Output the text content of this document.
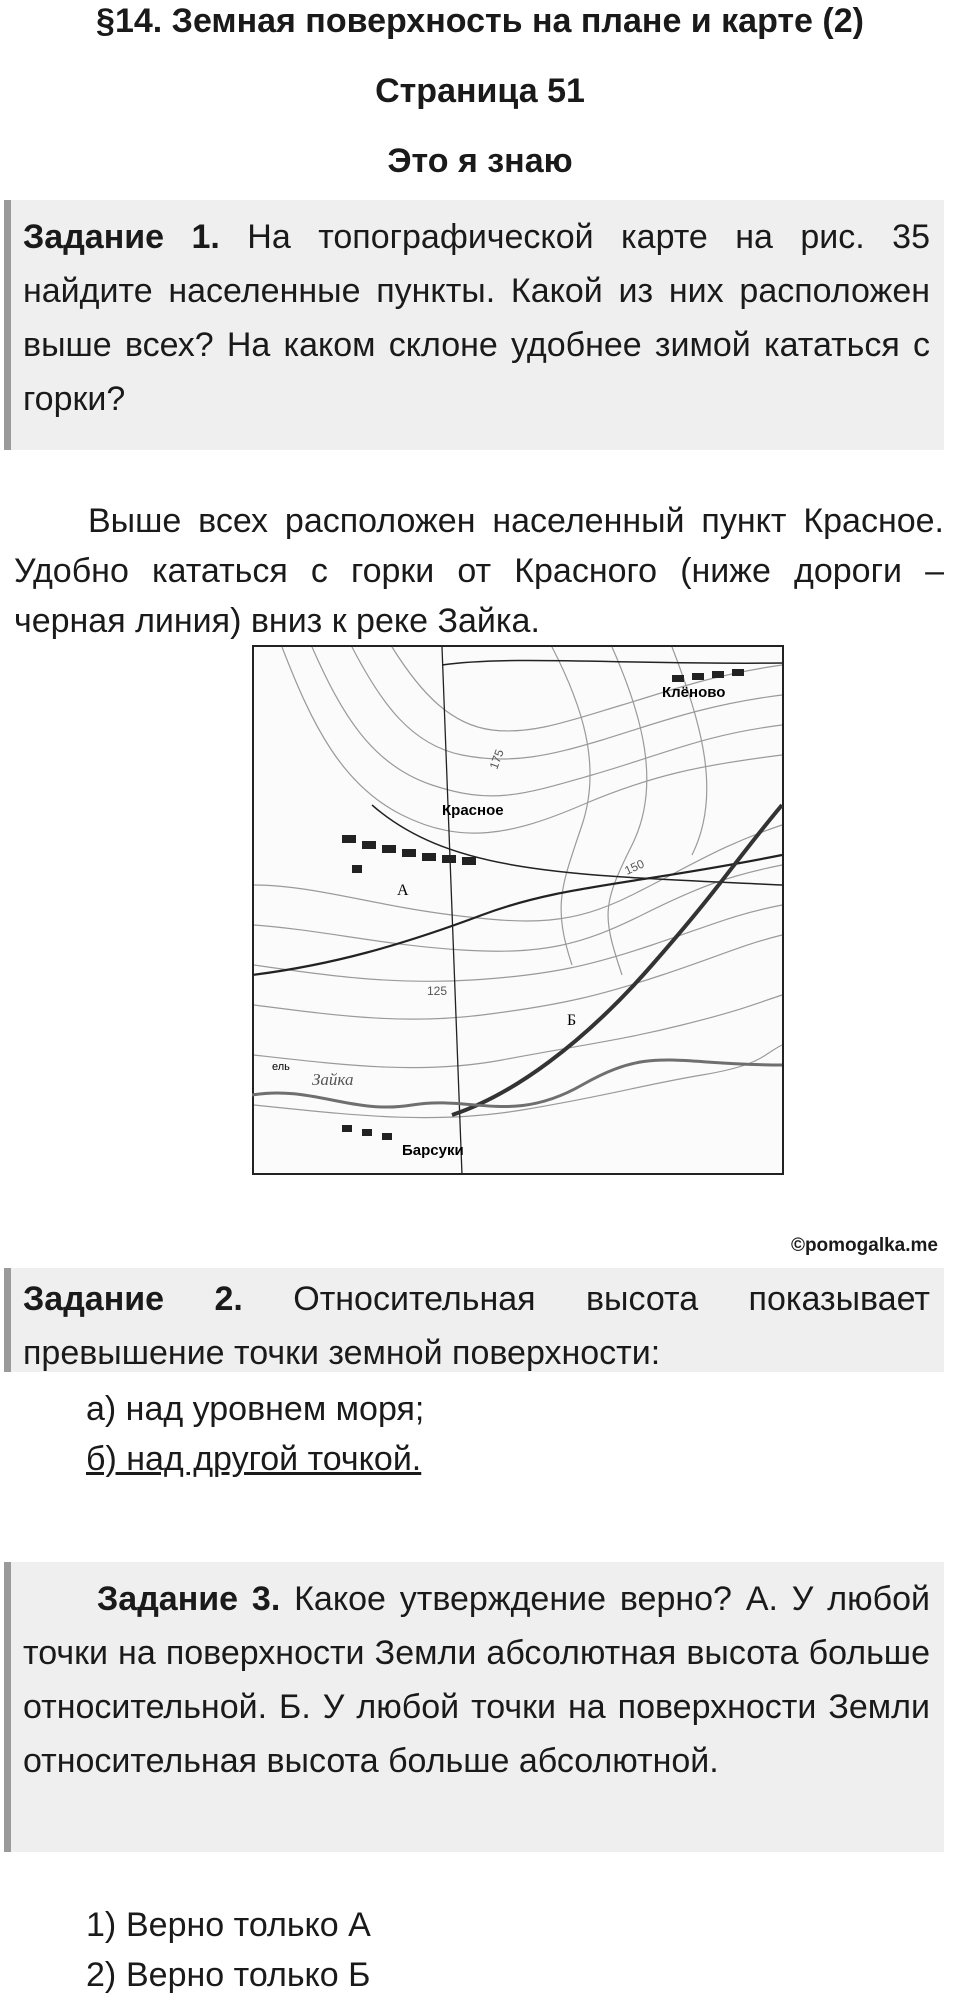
§14. Земная поверхность на плане и карте (2)
Страница 51
Это я знаю
Задание 1. На топографической карте на рис. 35 найдите населенные пункты. Какой из них расположен выше всех? На каком склоне удобнее зимой кататься с горки?
Выше всех расположен населенный пункт Красное. Удобно кататься с горки от Красного (ниже дороги – черная линия) вниз к реке Зайка.
Клёново
Красное
Барсуки
Зайка
А
Б
175
150
125
ель
©pomogalka.me
Задание 2. Относительная высота показывает превышение точки земной поверхности:
а) над уровнем моря;
б) над другой точкой.
Задание 3. Какое утверждение верно? А. У любой точки на поверхности Земли абсолютная высота больше относительной. Б. У любой точки на поверхности Земли относительная высота больше абсолютной.
1) Верно только А
2) Верно только Б
